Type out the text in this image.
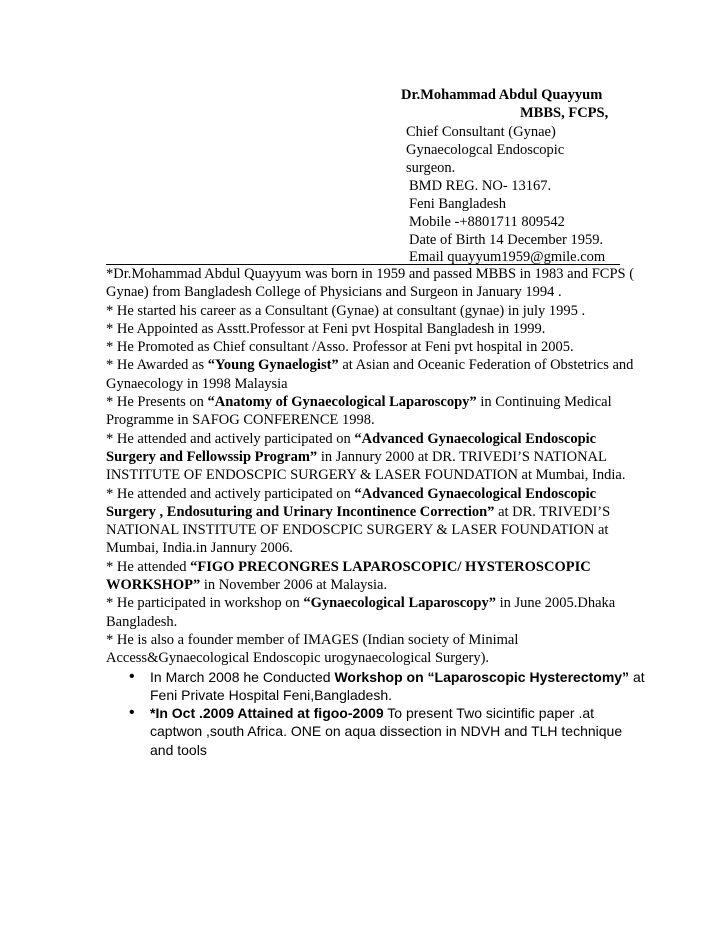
Dr.Mohammad Abdul Quayyum
MBBS, FCPS,
Chief Consultant (Gynae)
Gynaecologcal Endoscopic
surgeon.
BMD REG. NO- 13167.
Feni Bangladesh
Mobile -+8801711 809542
Date of Birth 14 December 1959.
Email quayyum1959@gmile.com

*Dr.Mohammad Abdul Quayyum was born in 1959 and passed MBBS in 1983 and FCPS ( Gynae) from Bangladesh College of Physicians and Surgeon in January 1994 .

* He started his career as a Consultant (Gynae) at consultant (gynae) in july 1995 .

* He Appointed as Asstt.Professor at Feni pvt Hospital Bangladesh in 1999.

* He Promoted as Chief consultant /Asso. Professor at Feni pvt hospital in 2005.

* He Awarded as “Young Gynaelogist” at Asian and Oceanic Federation of Obstetrics and Gynaecology in 1998 Malaysia

* He Presents on “Anatomy of Gynaecological Laparoscopy” in Continuing Medical Programme in SAFOG CONFERENCE 1998.

* He attended and actively participated on “Advanced Gynaecological Endoscopic Surgery and Fellowssip Program” in Jannury 2000 at DR. TRIVEDI’S NATIONAL INSTITUTE OF ENDOSCPIC SURGERY & LASER FOUNDATION at Mumbai, India.

* He attended and actively participated on “Advanced Gynaecological Endoscopic Surgery , Endosuturing and Urinary Incontinence Correction” at DR. TRIVEDI’S NATIONAL INSTITUTE OF ENDOSCPIC SURGERY & LASER FOUNDATION at Mumbai, India.in Jannury 2006.

* He attended “FIGO PRECONGRES LAPAROSCOPIC/ HYSTEROSCOPIC WORKSHOP” in November 2006 at Malaysia.

* He participated in workshop on “Gynaecological Laparoscopy” in June 2005.Dhaka Bangladesh.

* He is also a founder member of IMAGES (Indian society of Minimal Access&Gynaecological Endoscopic urogynaecological Surgery).

• In March 2008 he Conducted Workshop on “Laparoscopic Hysterectomy” at Feni Private Hospital Feni,Bangladesh.
• *In Oct .2009 Attained at figoo-2009 To present Two sicintific paper .at captwon ,south Africa. ONE on aqua dissection in NDVH and TLH technique and tools
